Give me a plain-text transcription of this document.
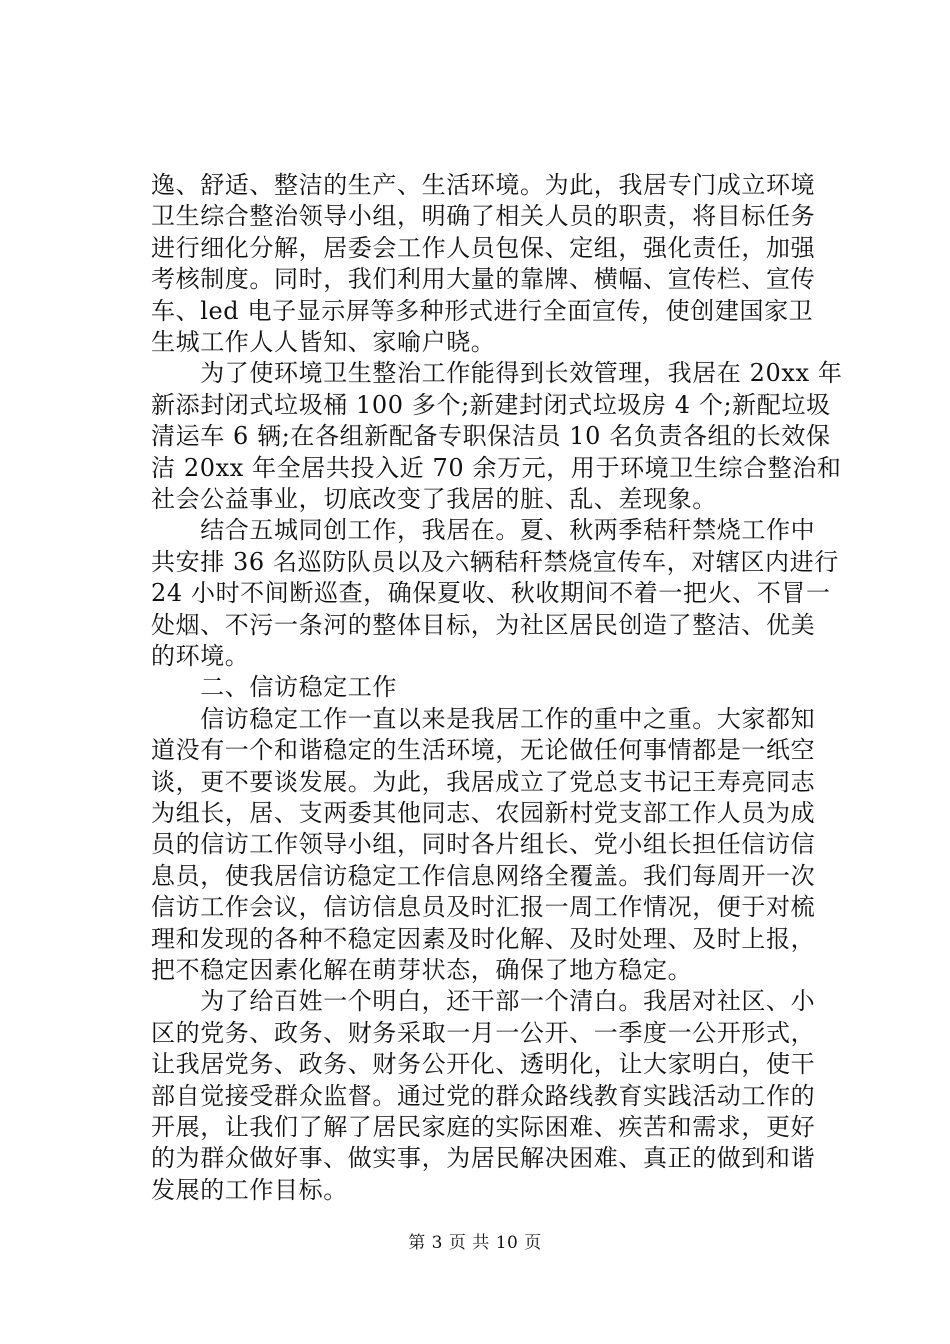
逸、舒适、整洁的生产、生活环境。为此，我居专门成立环境
卫生综合整治领导小组，明确了相关人员的职责，将目标任务
进行细化分解，居委会工作人员包保、定组，强化责任，加强
考核制度。同时，我们利用大量的靠牌、横幅、宣传栏、宣传
车、led 电子显示屏等多种形式进行全面宣传，使创建国家卫
生城工作人人皆知、家喻户晓。
　　为了使环境卫生整治工作能得到长效管理，我居在 20xx 年
新添封闭式垃圾桶 100 多个;新建封闭式垃圾房 4 个;新配垃圾
清运车 6 辆;在各组新配备专职保洁员 10 名负责各组的长效保
洁 20xx 年全居共投入近 70 余万元，用于环境卫生综合整治和
社会公益事业，切底改变了我居的脏、乱、差现象。
　　结合五城同创工作，我居在。夏、秋两季秸秆禁烧工作中
共安排 36 名巡防队员以及六辆秸秆禁烧宣传车，对辖区内进行
24 小时不间断巡查，确保夏收、秋收期间不着一把火、不冒一
处烟、不污一条河的整体目标，为社区居民创造了整洁、优美
的环境。
　　二、信访稳定工作
　　信访稳定工作一直以来是我居工作的重中之重。大家都知
道没有一个和谐稳定的生活环境，无论做任何事情都是一纸空
谈，更不要谈发展。为此，我居成立了党总支书记王寿亮同志
为组长，居、支两委其他同志、农园新村党支部工作人员为成
员的信访工作领导小组，同时各片组长、党小组长担任信访信
息员，使我居信访稳定工作信息网络全覆盖。我们每周开一次
信访工作会议，信访信息员及时汇报一周工作情况，便于对梳
理和发现的各种不稳定因素及时化解、及时处理、及时上报，
把不稳定因素化解在萌芽状态，确保了地方稳定。
　　为了给百姓一个明白，还干部一个清白。我居对社区、小
区的党务、政务、财务采取一月一公开、一季度一公开形式，
让我居党务、政务、财务公开化、透明化，让大家明白，使干
部自觉接受群众监督。通过党的群众路线教育实践活动工作的
开展，让我们了解了居民家庭的实际困难、疾苦和需求，更好
的为群众做好事、做实事，为居民解决困难、真正的做到和谐
发展的工作目标。
第 3 页 共 10 页
